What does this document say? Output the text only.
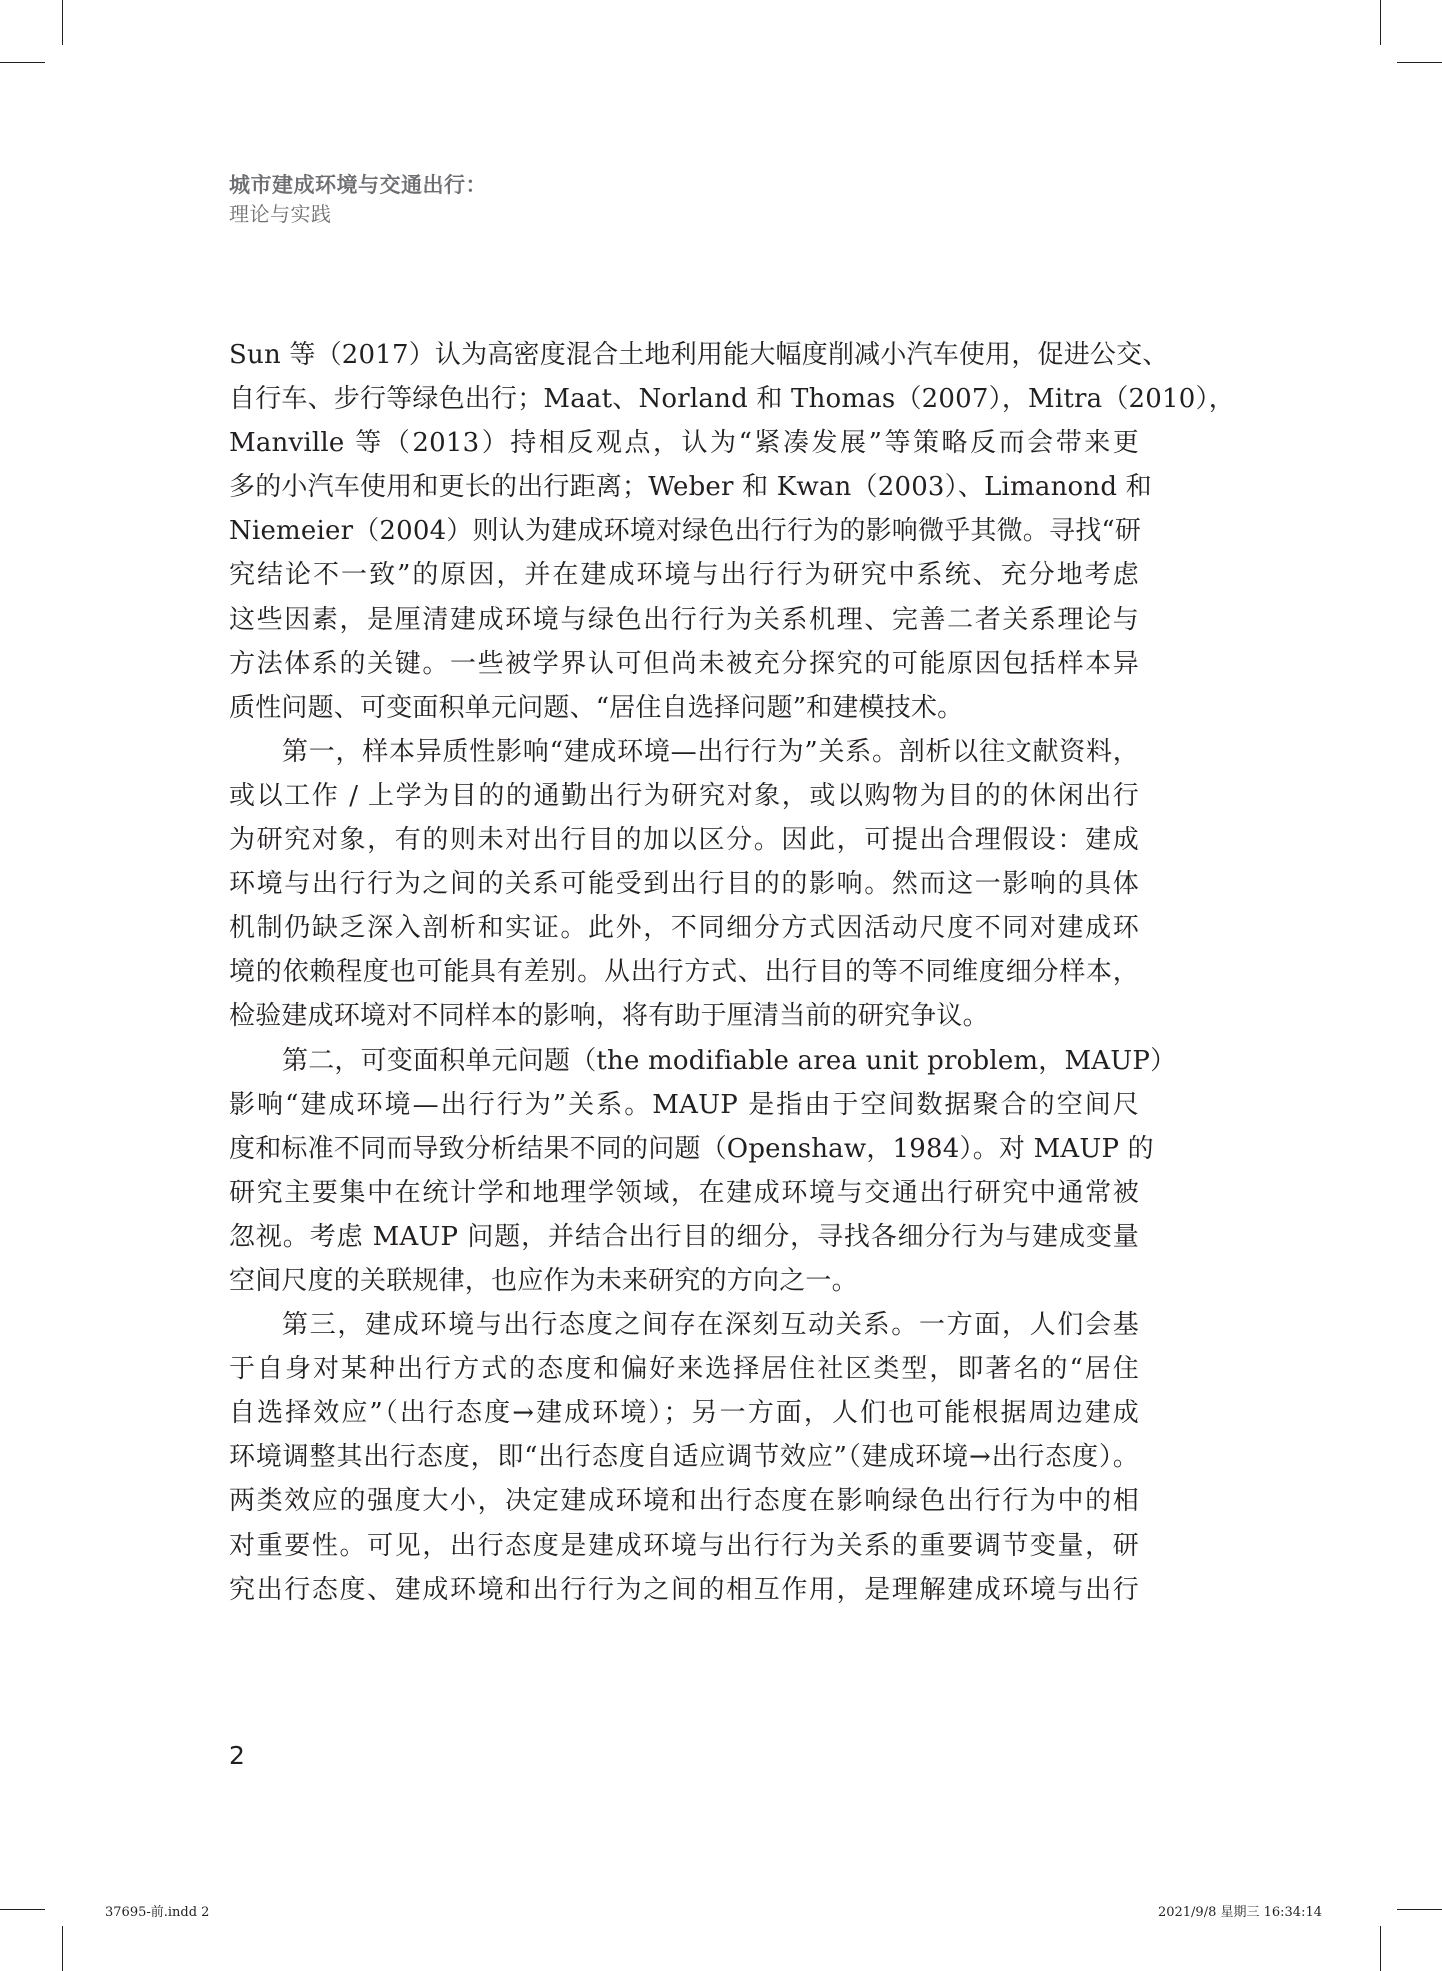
城市建成环境与交通出行：
理论与实践
Sun 等（2017）认为高密度混合土地利用能大幅度削减小汽车使用，促进公交、
自行车、步行等绿色出行；Maat、Norland 和 Thomas（2007），Mitra（2010），
Manville 等（2013）持相反观点，认为“紧凑发展”等策略反而会带来更
多的小汽车使用和更长的出行距离；Weber 和 Kwan（2003）、Limanond 和
Niemeier（2004）则认为建成环境对绿色出行行为的影响微乎其微。寻找“研
究结论不一致”的原因，并在建成环境与出行行为研究中系统、充分地考虑
这些因素，是厘清建成环境与绿色出行行为关系机理、完善二者关系理论与
方法体系的关键。一些被学界认可但尚未被充分探究的可能原因包括样本异
质性问题、可变面积单元问题、“居住自选择问题”和建模技术。
第一，样本异质性影响“建成环境—出行行为”关系。剖析以往文献资料，
或以工作 / 上学为目的的通勤出行为研究对象，或以购物为目的的休闲出行
为研究对象，有的则未对出行目的加以区分。因此，可提出合理假设：建成
环境与出行行为之间的关系可能受到出行目的的影响。然而这一影响的具体
机制仍缺乏深入剖析和实证。此外，不同细分方式因活动尺度不同对建成环
境的依赖程度也可能具有差别。从出行方式、出行目的等不同维度细分样本，
检验建成环境对不同样本的影响，将有助于厘清当前的研究争议。
第二，可变面积单元问题（the modifiable area unit problem，MAUP）
影响“建成环境—出行行为”关系。MAUP 是指由于空间数据聚合的空间尺
度和标准不同而导致分析结果不同的问题（Openshaw，1984）。对 MAUP 的
研究主要集中在统计学和地理学领域，在建成环境与交通出行研究中通常被
忽视。考虑 MAUP 问题，并结合出行目的细分，寻找各细分行为与建成变量
空间尺度的关联规律，也应作为未来研究的方向之一。
第三，建成环境与出行态度之间存在深刻互动关系。一方面，人们会基
于自身对某种出行方式的态度和偏好来选择居住社区类型，即著名的“居住
自选择效应”（出行态度→建成环境）；另一方面，人们也可能根据周边建成
环境调整其出行态度，即“出行态度自适应调节效应”（建成环境→出行态度）。
两类效应的强度大小，决定建成环境和出行态度在影响绿色出行行为中的相
对重要性。可见，出行态度是建成环境与出行行为关系的重要调节变量，研
究出行态度、建成环境和出行行为之间的相互作用，是理解建成环境与出行
2
37695-前.indd 2	2021/9/8 星期三 16:34:14
